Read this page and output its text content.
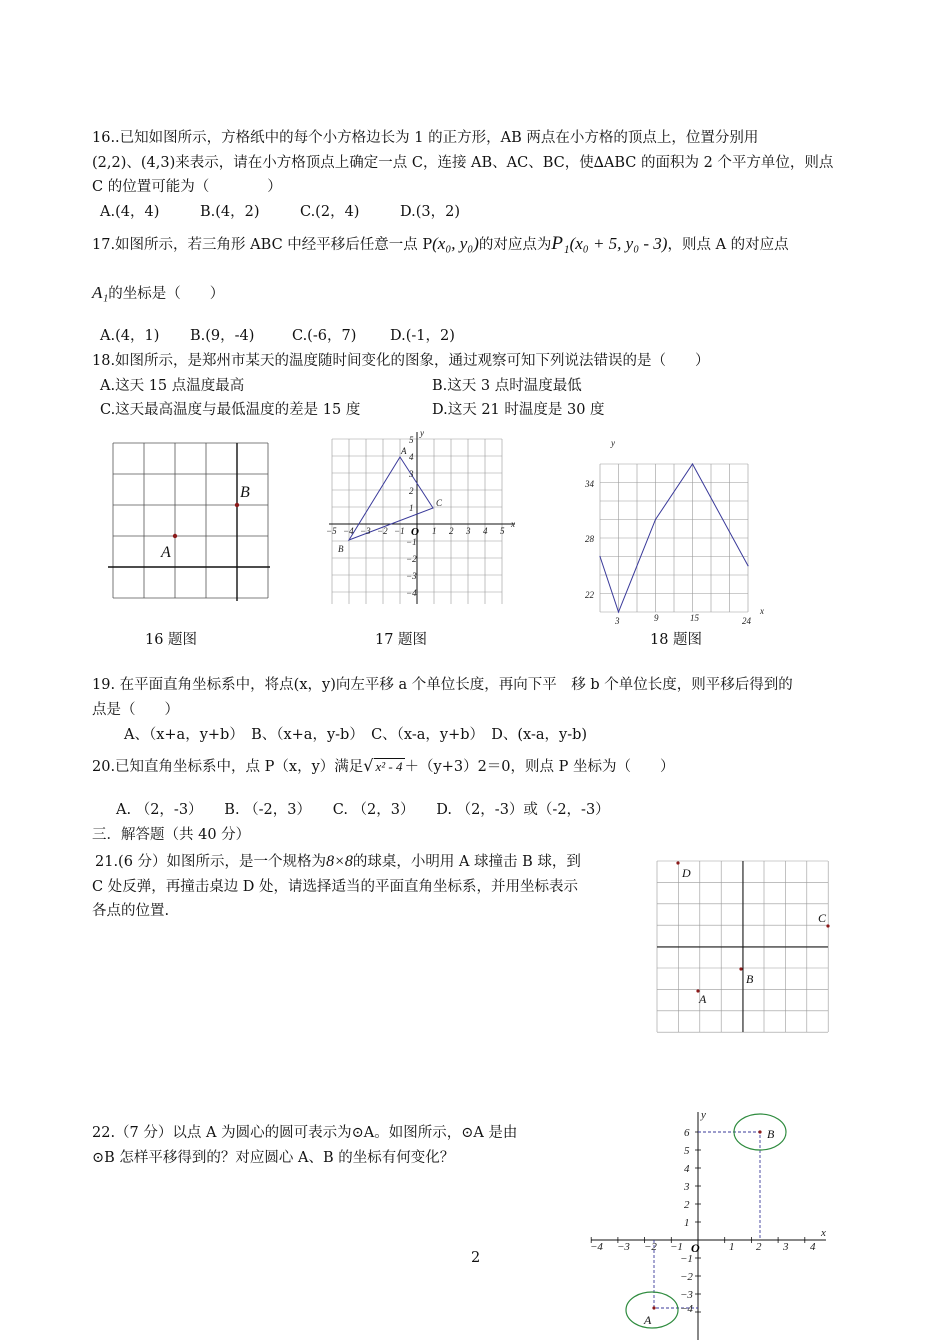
16..已知如图所示，方格纸中的每个小方格边长为 1 的正方形，AB 两点在小方格的顶点上，位置分别用
(2,2)、(4,3)来表示，请在小方格顶点上确定一点 C，连接 AB、AC、BC，使∆ABC 的面积为 2 个平方单位，则点
C 的位置可能为（　　　　）
A.(4，4)	B.(4，2)	C.(2，4)	D.(3，2)
17.如图所示，若三角形 ABC 中经平移后任意一点 P(x₀, y₀)的对应点为P₁(x₀ + 5, y₀ - 3)，则点 A 的对应点
A₁的坐标是（　　）
A.(4，1) B.(9，-4)	C.(-6，7) D.(-1，2)
18.如图所示，是郑州市某天的温度随时间变化的图象，通过观察可知下列说法错误的是（　　）
A.这天 15 点温度最高	B.这天 3 点时温度最低
C.这天最高温度与最低温度的差是 15 度	D.这天 21 时温度是 30 度
A
B
16 题图
x
y
O
−5 −4 −3 −2 −1	1 2 3 4 5
5
4
3
2
1
−1
−2
−3
−4
A
B
C
17 题图
y
x
34
28
22
3	9	15	24
18 题图
19. 在平面直角坐标系中，将点(x，y)向左平移 a 个单位长度，再向下平　移 b 个单位长度，则平移后得到的
点是（　　）
A、（x+a，y+b）　B、（x+a，y-b）　C、（x-a，y+b）　D、(x-a，y-b)
20.已知直角坐标系中，点 P（x，y）满足√ x² - 4 ＋（y+3）2＝0，则点 P 坐标为（　　）
A. （2，-3）　　B. （-2，3）　　C. （2，3）　　D. （2，-3）或（-2，-3）
三．解答题（共 40 分）
21.(6 分）如图所示，是一个规格为8×8的球桌，小明用 A 球撞击 B 球，到
C 处反弹，再撞击桌边 D 处，请选择适当的平面直角坐标系，并用坐标表示
各点的位置.
D
C
B
A
22.（7 分）以点 A 为圆心的圆可表示为⊙A。如图所示，⊙A 是由
⊙B 怎样平移得到的？对应圆心 A、B 的坐标有何变化？
B
A
x
y
O
−4 −3 −2 −1	1 2 3 4
6
5
4
3
2
1
−1
−2
−3
−4
2
